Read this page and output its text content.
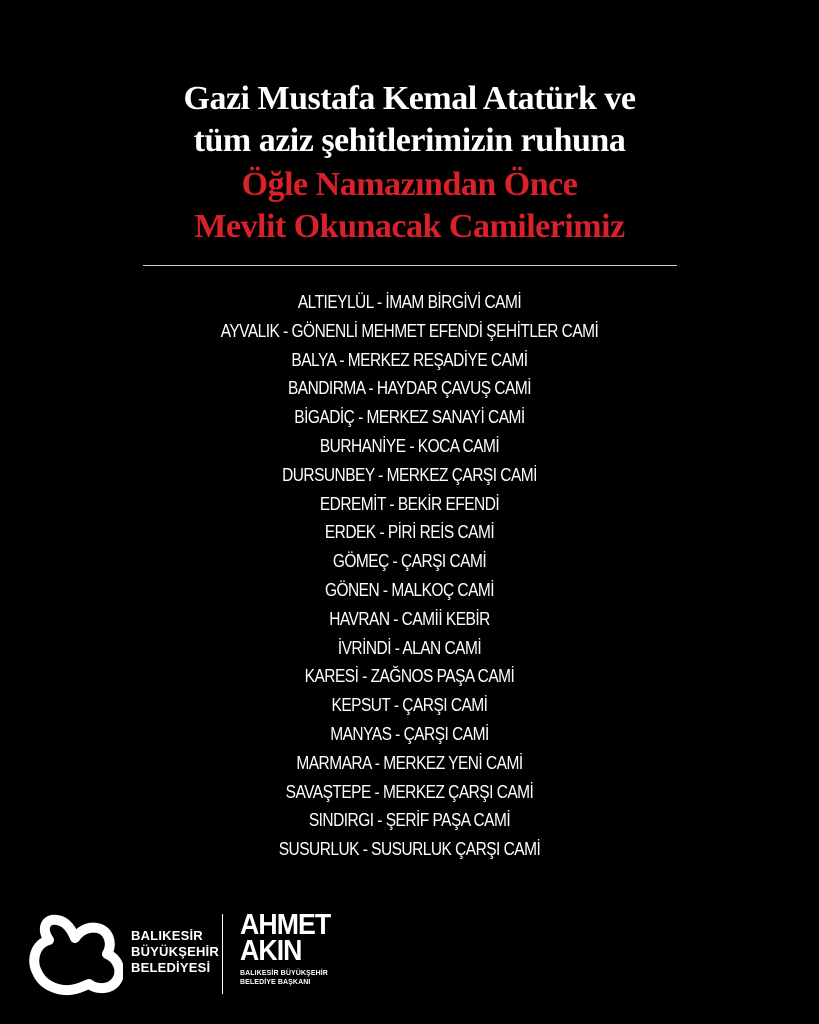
Gazi Mustafa Kemal Atatürk ve
tüm aziz şehitlerimizin ruhuna
Öğle Namazından Önce
Mevlit Okunacak Camilerimiz
ALTIEYLÜL - İMAM BİRGİVİ CAMİ
AYVALIK - GÖNENLİ MEHMET EFENDİ ŞEHİTLER CAMİ
BALYA - MERKEZ REŞADİYE CAMİ
BANDIRMA - HAYDAR ÇAVUŞ CAMİ
BİGADİÇ - MERKEZ SANAYİ CAMİ
BURHANİYE - KOCA CAMİ
DURSUNBEY - MERKEZ ÇARŞI CAMİ
EDREMİT - BEKİR EFENDİ
ERDEK - PİRİ REİS CAMİ
GÖMEÇ - ÇARŞI CAMİ
GÖNEN - MALKOÇ CAMİ
HAVRAN - CAMİİ KEBİR
İVRİNDİ - ALAN CAMİ
KARESİ - ZAĞNOS PAŞA CAMİ
KEPSUT - ÇARŞI CAMİ
MANYAS - ÇARŞI CAMİ
MARMARA - MERKEZ YENİ CAMİ
SAVAŞTEPE - MERKEZ ÇARŞI CAMİ
SINDIRGI - ŞERİF PAŞA CAMİ
SUSURLUK - SUSURLUK ÇARŞI CAMİ
BALIKESİR
BÜYÜKŞEHİR
BELEDİYESİ
AHMET
AKIN
BALIKESİR BÜYÜKŞEHİR
BELEDİYE BAŞKANI
